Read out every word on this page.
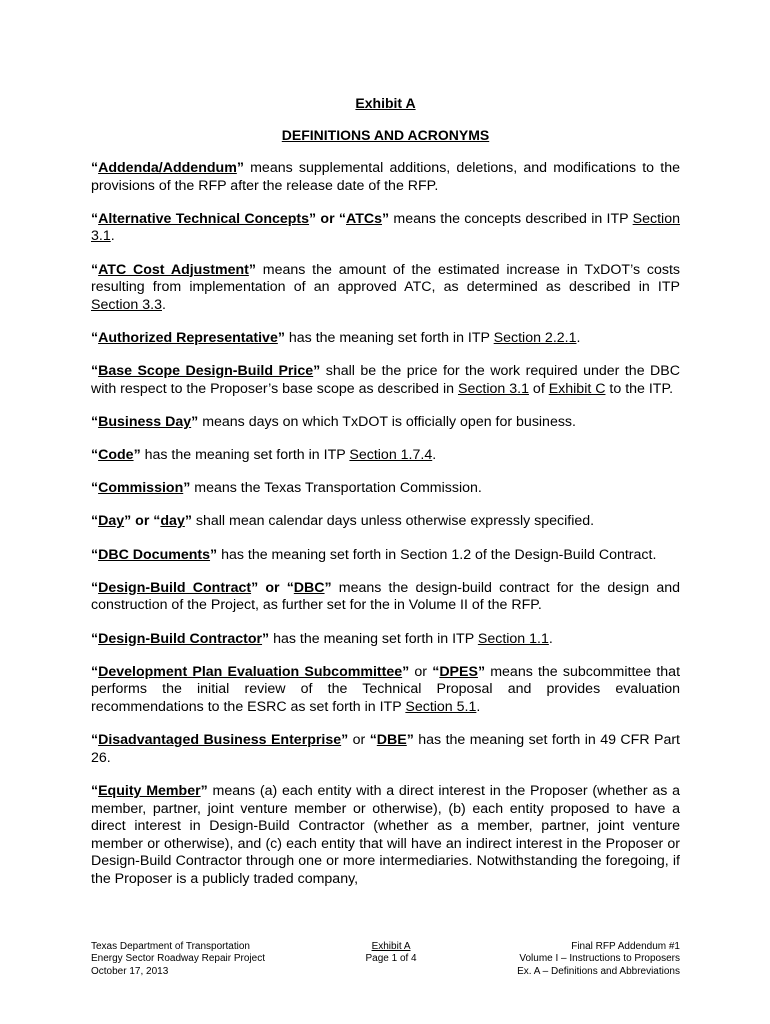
Exhibit A
DEFINITIONS AND ACRONYMS

“Addenda/Addendum” means supplemental additions, deletions, and modifications to the provisions of the RFP after the release date of the RFP.

“Alternative Technical Concepts” or “ATCs” means the concepts described in ITP Section 3.1.

“ATC Cost Adjustment” means the amount of the estimated increase in TxDOT’s costs resulting from implementation of an approved ATC, as determined as described in ITP Section 3.3.

“Authorized Representative” has the meaning set forth in ITP Section 2.2.1.

“Base Scope Design-Build Price” shall be the price for the work required under the DBC with respect to the Proposer’s base scope as described in Section 3.1 of Exhibit C to the ITP.

“Business Day” means days on which TxDOT is officially open for business.

“Code” has the meaning set forth in ITP Section 1.7.4.

“Commission” means the Texas Transportation Commission.

“Day” or “day” shall mean calendar days unless otherwise expressly specified.

“DBC Documents” has the meaning set forth in Section 1.2 of the Design-Build Contract.

“Design-Build Contract” or “DBC” means the design-build contract for the design and construction of the Project, as further set for the in Volume II of the RFP.

“Design-Build Contractor” has the meaning set forth in ITP Section 1.1.

“Development Plan Evaluation Subcommittee” or “DPES” means the subcommittee that performs the initial review of the Technical Proposal and provides evaluation recommendations to the ESRC as set forth in ITP Section 5.1.

“Disadvantaged Business Enterprise” or “DBE” has the meaning set forth in 49 CFR Part 26.

“Equity Member” means (a) each entity with a direct interest in the Proposer (whether as a member, partner, joint venture member or otherwise), (b) each entity proposed to have a direct interest in Design-Build Contractor (whether as a member, partner, joint venture member or otherwise), and (c) each entity that will have an indirect interest in the Proposer or Design-Build Contractor through one or more intermediaries. Notwithstanding the foregoing, if the Proposer is a publicly traded company,

Texas Department of Transportation
Energy Sector Roadway Repair Project
October 17, 2013
Exhibit A
Page 1 of 4
Final RFP Addendum #1
Volume I – Instructions to Proposers
Ex. A – Definitions and Abbreviations
